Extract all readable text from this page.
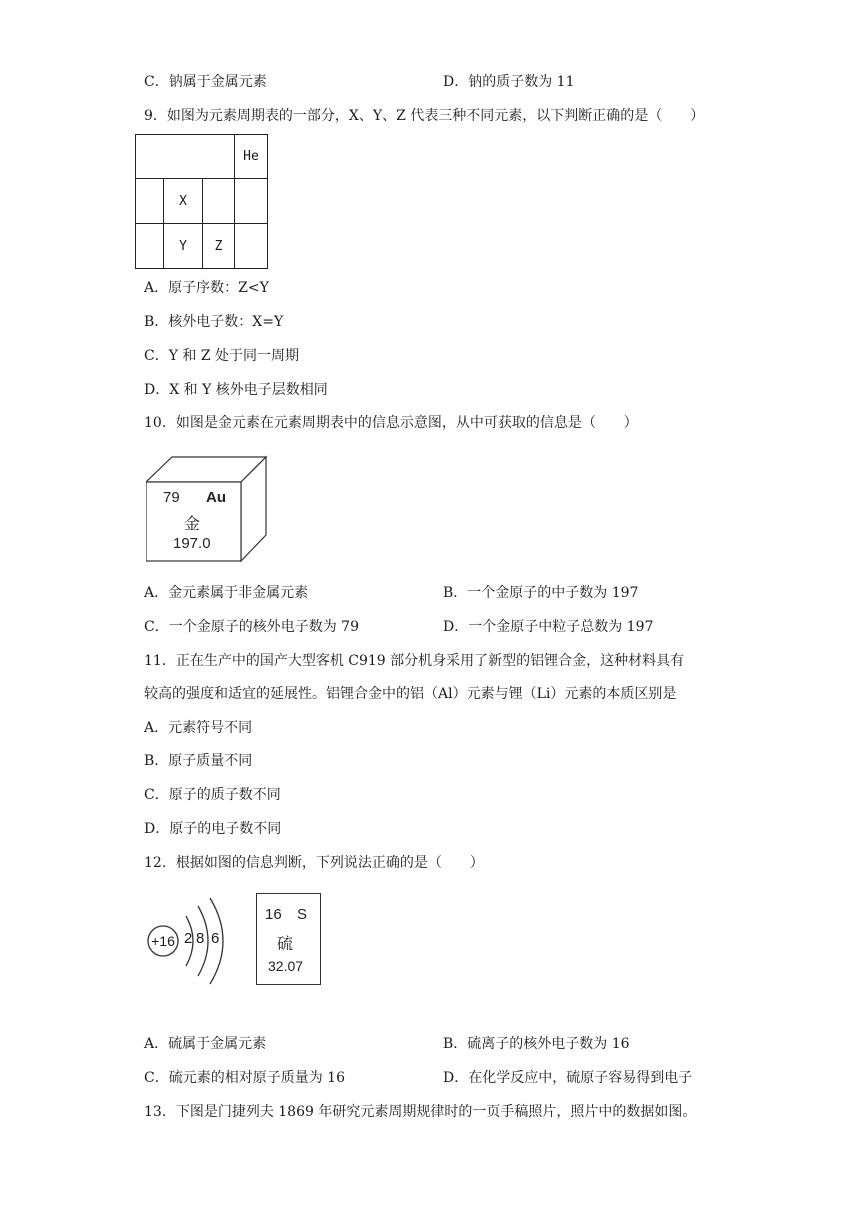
C．钠属于金属元素	D．钠的质子数为 11
9．如图为元素周期表的一部分，X、Y、Z 代表三种不同元素，以下判断正确的是（　　）
			He
	X		
	Y	Z	
A．原子序数：Z<Y
B．核外电子数：X=Y
C．Y 和 Z 处于同一周期
D．X 和 Y 核外电子层数相同
10．如图是金元素在元素周期表中的信息示意图，从中可获取的信息是（　　）
79 Au
金
197.0
A．金元素属于非金属元素	B．一个金原子的中子数为 197
C．一个金原子的核外电子数为 79	D．一个金原子中粒子总数为 197
11．正在生产中的国产大型客机 C919 部分机身采用了新型的铝锂合金，这种材料具有
较高的强度和适宜的延展性。铝锂合金中的铝（Al）元素与锂（Li）元素的本质区别是
A．元素符号不同
B．原子质量不同
C．原子的质子数不同
D．原子的电子数不同
12．根据如图的信息判断，下列说法正确的是（　　）
+16 2 8 6
16 S
硫
32.07
A．硫属于金属元素	B．硫离子的核外电子数为 16
C．硫元素的相对原子质量为 16	D．在化学反应中，硫原子容易得到电子
13．下图是门捷列夫 1869 年研究元素周期规律时的一页手稿照片，照片中的数据如图。
